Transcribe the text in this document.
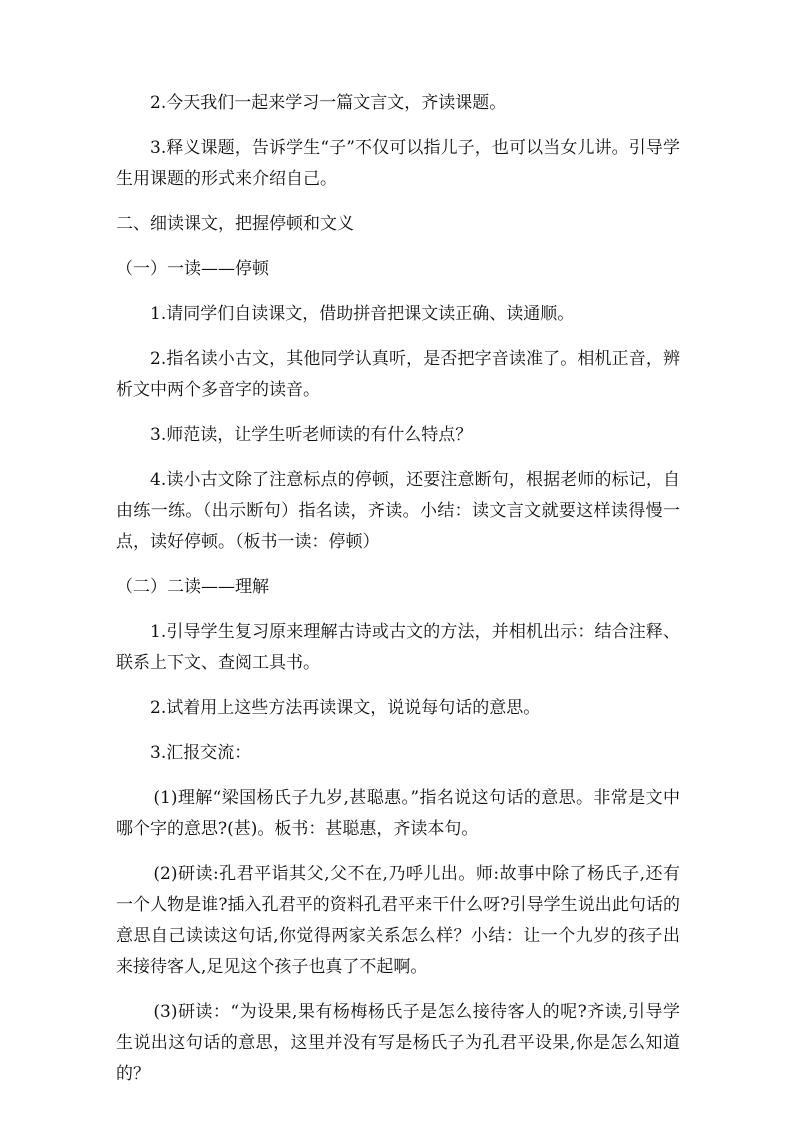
2.今天我们一起来学习一篇文言文，齐读课题。

3.释义课题，告诉学生“子”不仅可以指儿子，也可以当女儿讲。引导学生用课题的形式来介绍自己。

二、细读课文，把握停顿和文义

（一）一读——停顿

1.请同学们自读课文，借助拼音把课文读正确、读通顺。

2.指名读小古文，其他同学认真听，是否把字音读准了。相机正音，辨析文中两个多音字的读音。

3.师范读，让学生听老师读的有什么特点？

4.读小古文除了注意标点的停顿，还要注意断句，根据老师的标记，自由练一练。（出示断句）指名读，齐读。小结：读文言文就要这样读得慢一点，读好停顿。（板书一读：停顿）

（二）二读——理解

1.引导学生复习原来理解古诗或古文的方法，并相机出示：结合注释、联系上下文、查阅工具书。

2.试着用上这些方法再读课文，说说每句话的意思。

3.汇报交流：

(1)理解“梁国杨氏子九岁,甚聪惠。”指名说这句话的意思。非常是文中哪个字的意思?(甚)。板书：甚聪惠，齐读本句。

(2)研读:孔君平诣其父,父不在,乃呼儿出。师:故事中除了杨氏子,还有一个人物是谁?插入孔君平的资料孔君平来干什么呀?引导学生说出此句话的意思自己读读这句话,你觉得两家关系怎么样？小结：让一个九岁的孩子出来接待客人,足见这个孩子也真了不起啊。

(3)研读：“为设果,果有杨梅杨氏子是怎么接待客人的呢?齐读,引导学生说出这句话的意思，这里并没有写是杨氏子为孔君平设果,你是怎么知道的？
